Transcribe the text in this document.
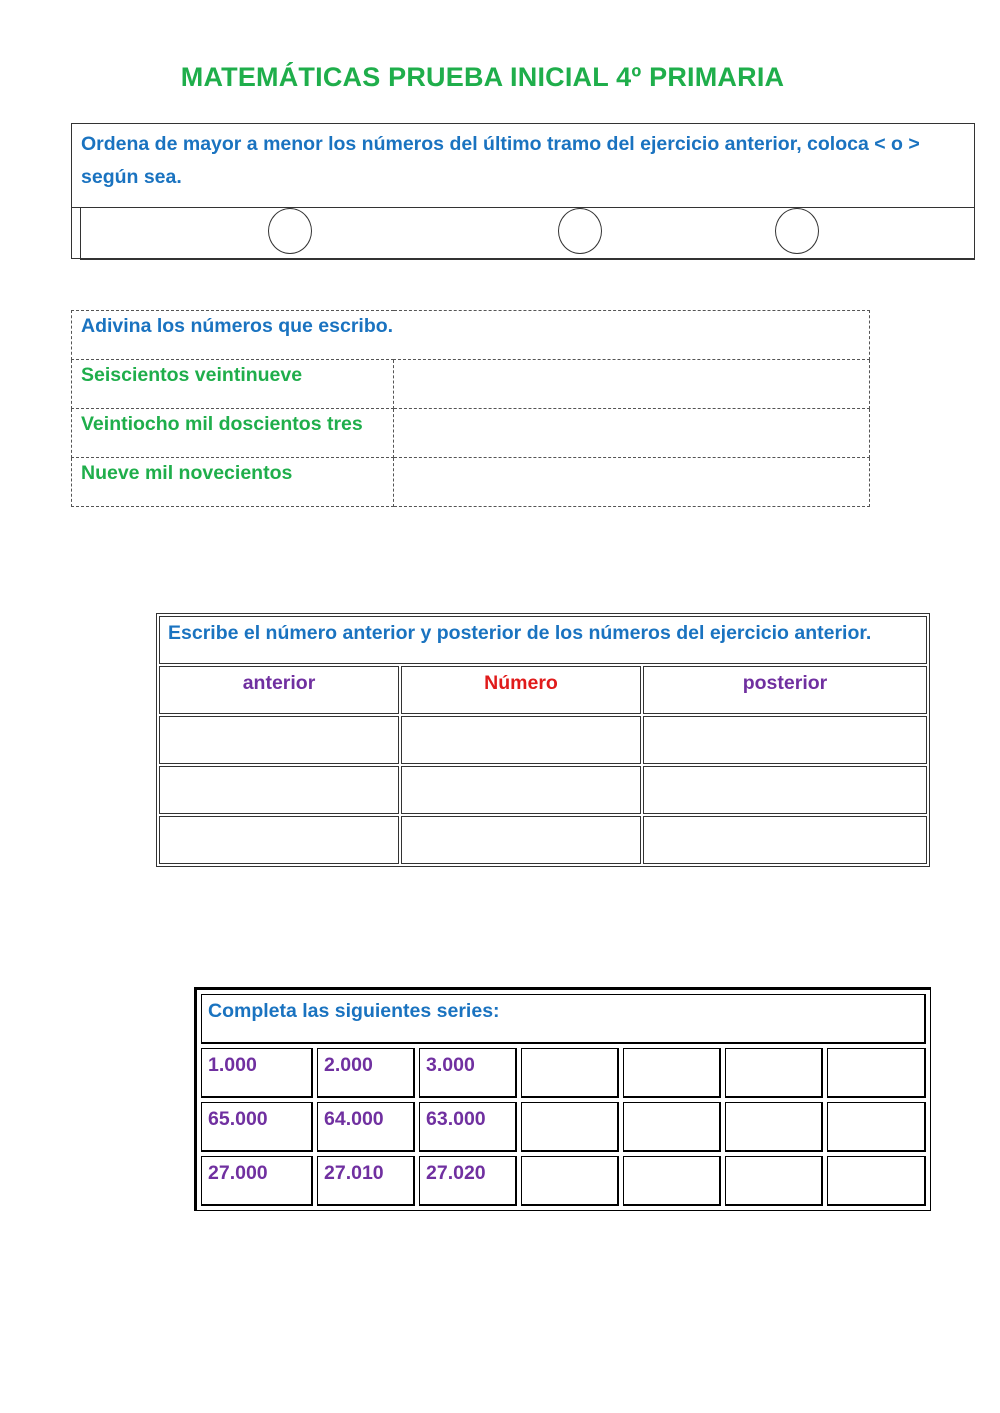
MATEMÁTICAS PRUEBA INICIAL 4º PRIMARIA
Ordena de mayor a menor los números del último tramo del ejercicio anterior, coloca < o > según sea.
Adivina los números que escribo.	
Seiscientos veintinueve	
Veintiocho mil doscientos tres	
Nueve mil novecientos	
Escribe el número anterior y posterior de los números del ejercicio anterior.		
anterior	Número	posterior

Completa las siguientes series:						
1.000	2.000	3.000				
65.000	64.000	63.000				
27.000	27.010	27.020				
